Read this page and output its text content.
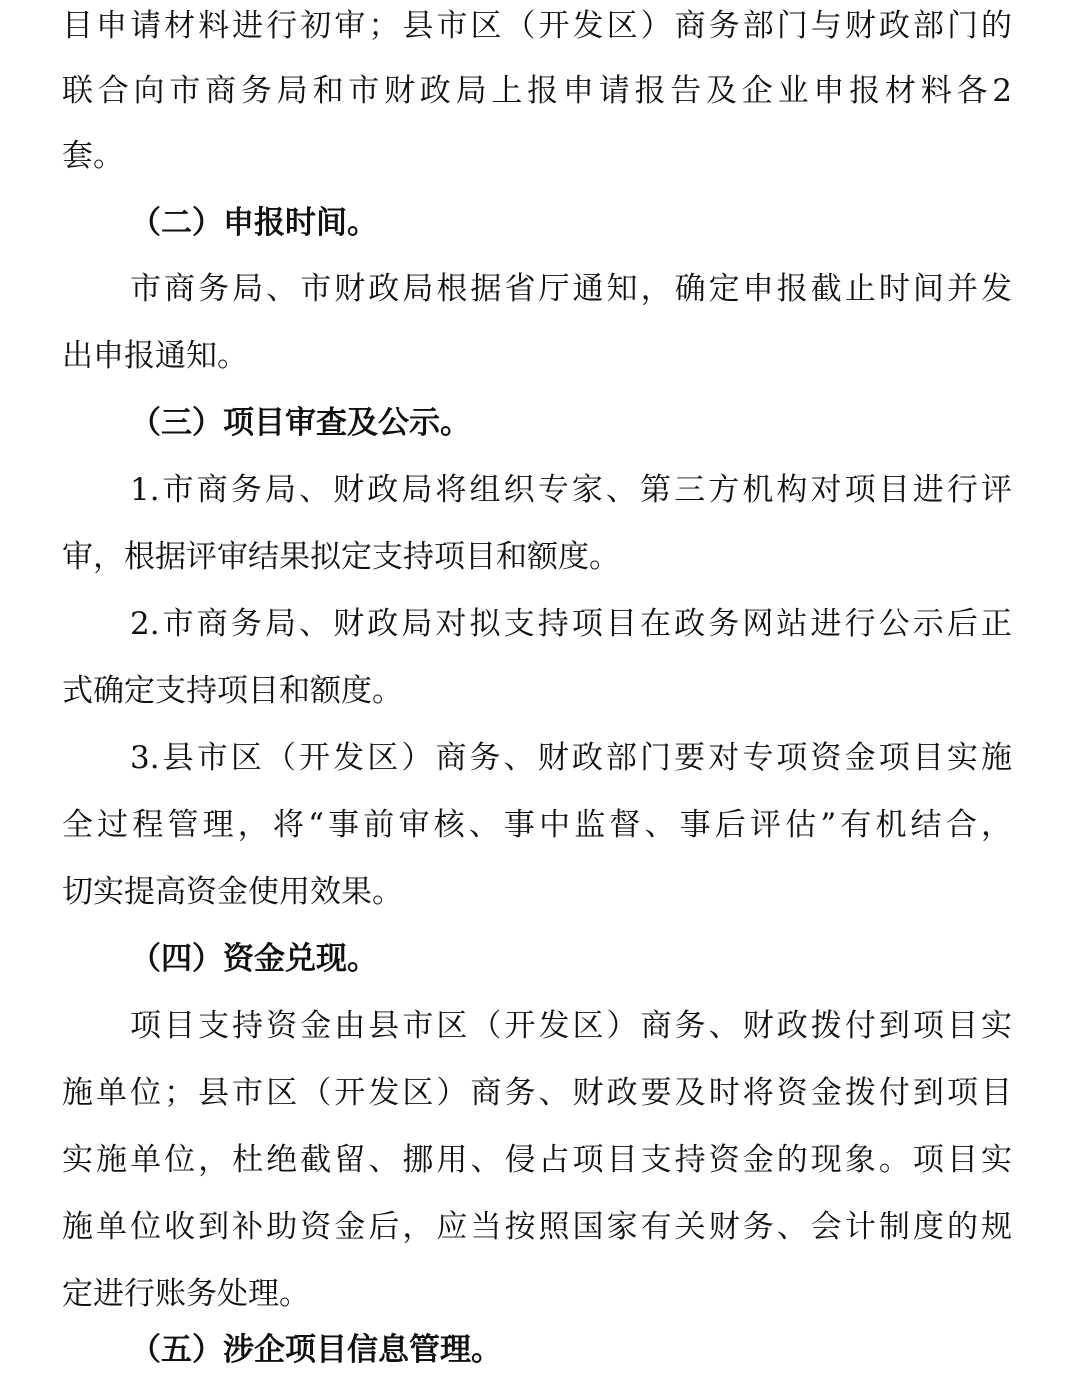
目申请材料进行初审；县市区（开发区）商务部门与财政部门的
联合向市商务局和市财政局上报申请报告及企业申报材料各2
套。
（二）申报时间。
市商务局、市财政局根据省厅通知，确定申报截止时间并发
出申报通知。
（三）项目审查及公示。
1.市商务局、财政局将组织专家、第三方机构对项目进行评
审，根据评审结果拟定支持项目和额度。
2.市商务局、财政局对拟支持项目在政务网站进行公示后正
式确定支持项目和额度。
3.县市区（开发区）商务、财政部门要对专项资金项目实施
全过程管理，将“事前审核、事中监督、事后评估”有机结合，
切实提高资金使用效果。
（四）资金兑现。
项目支持资金由县市区（开发区）商务、财政拨付到项目实
施单位；县市区（开发区）商务、财政要及时将资金拨付到项目
实施单位，杜绝截留、挪用、侵占项目支持资金的现象。项目实
施单位收到补助资金后，应当按照国家有关财务、会计制度的规
定进行账务处理。
（五）涉企项目信息管理。
